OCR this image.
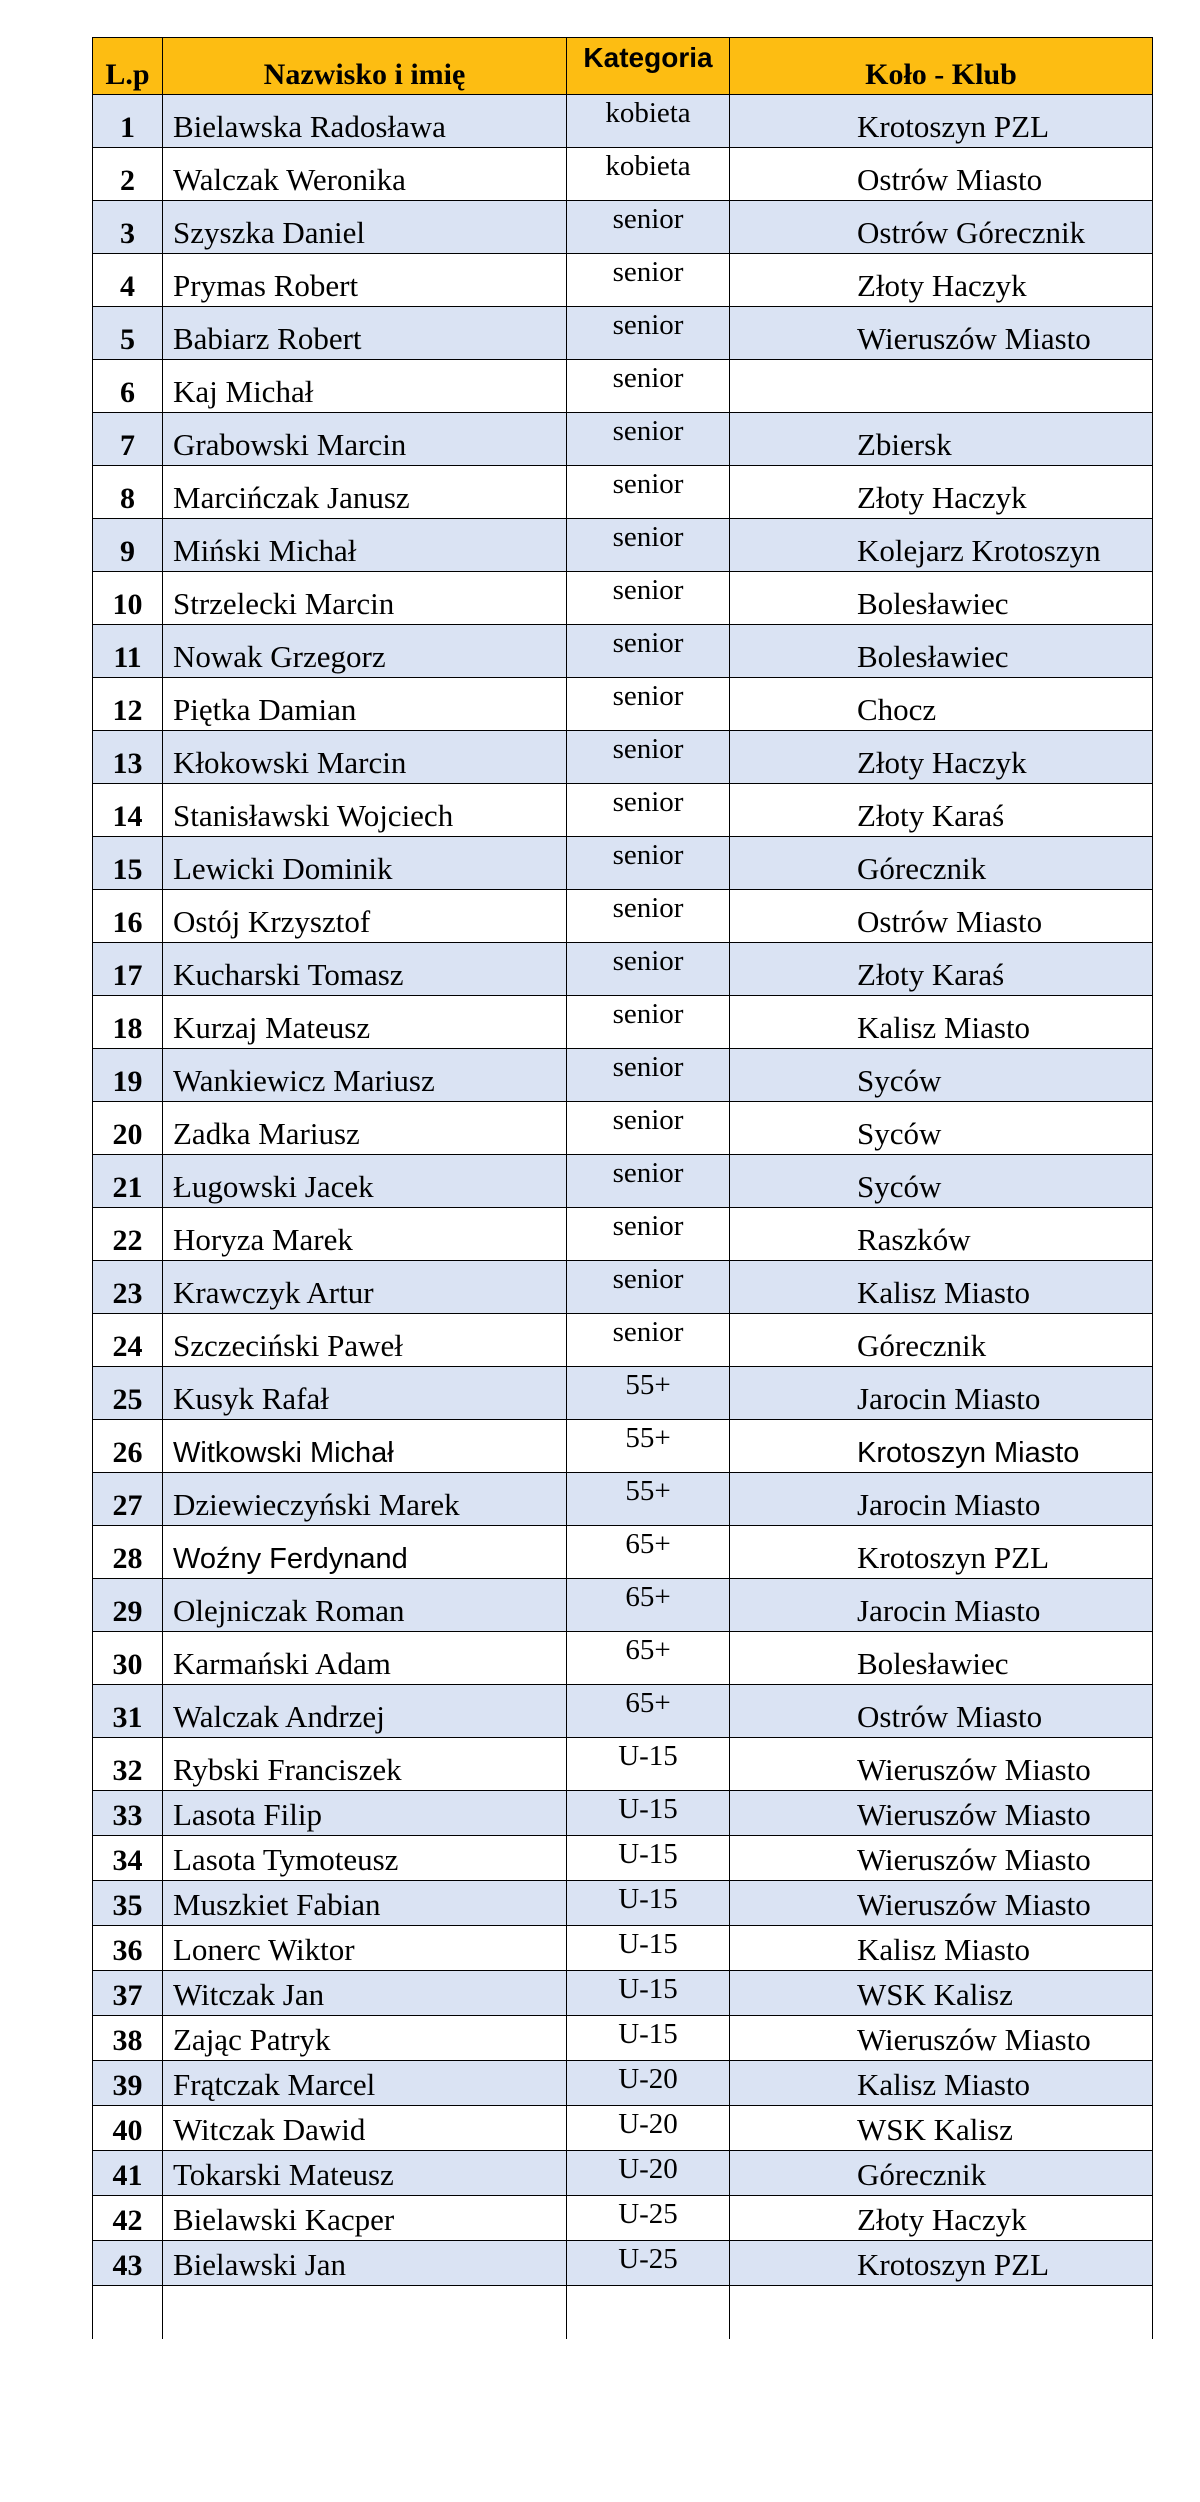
L.p	Nazwisko i imię	Kategoria	Koło - Klub
1	Bielawska Radosława	kobieta	Krotoszyn PZL
2	Walczak Weronika	kobieta	Ostrów Miasto
3	Szyszka Daniel	senior	Ostrów Górecznik
4	Prymas Robert	senior	Złoty Haczyk
5	Babiarz Robert	senior	Wieruszów Miasto
6	Kaj Michał	senior	
7	Grabowski Marcin	senior	Zbiersk
8	Marcińczak Janusz	senior	Złoty Haczyk
9	Miński Michał	senior	Kolejarz Krotoszyn
10	Strzelecki Marcin	senior	Bolesławiec
11	Nowak Grzegorz	senior	Bolesławiec
12	Piętka Damian	senior	Chocz
13	Kłokowski Marcin	senior	Złoty Haczyk
14	Stanisławski Wojciech	senior	Złoty Karaś
15	Lewicki Dominik	senior	Górecznik
16	Ostój Krzysztof	senior	Ostrów Miasto
17	Kucharski Tomasz	senior	Złoty Karaś
18	Kurzaj Mateusz	senior	Kalisz Miasto
19	Wankiewicz Mariusz	senior	Syców
20	Zadka Mariusz	senior	Syców
21	Ługowski Jacek	senior	Syców
22	Horyza Marek	senior	Raszków
23	Krawczyk Artur	senior	Kalisz Miasto
24	Szczeciński Paweł	senior	Górecznik
25	Kusyk Rafał	55+	Jarocin Miasto
26	Witkowski Michał	55+	Krotoszyn Miasto
27	Dziewieczyński Marek	55+	Jarocin Miasto
28	Woźny Ferdynand	65+	Krotoszyn PZL
29	Olejniczak Roman	65+	Jarocin Miasto
30	Karmański Adam	65+	Bolesławiec
31	Walczak Andrzej	65+	Ostrów Miasto
32	Rybski Franciszek	U-15	Wieruszów Miasto
33	Lasota Filip	U-15	Wieruszów Miasto
34	Lasota Tymoteusz	U-15	Wieruszów Miasto
35	Muszkiet Fabian	U-15	Wieruszów Miasto
36	Lonerc Wiktor	U-15	Kalisz Miasto
37	Witczak Jan	U-15	WSK Kalisz
38	Zając Patryk	U-15	Wieruszów Miasto
39	Frątczak Marcel	U-20	Kalisz Miasto
40	Witczak Dawid	U-20	WSK Kalisz
41	Tokarski Mateusz	U-20	Górecznik
42	Bielawski Kacper	U-25	Złoty Haczyk
43	Bielawski Jan	U-25	Krotoszyn PZL
